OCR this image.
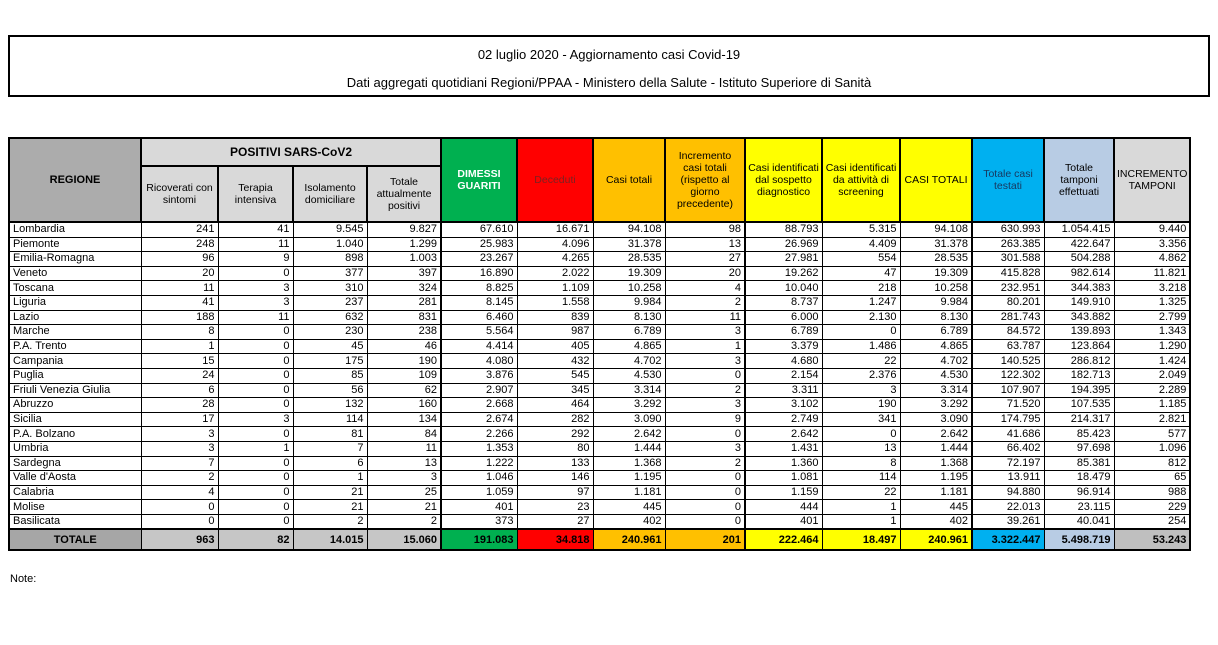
02 luglio 2020 - Aggiornamento casi Covid-19
Dati aggregati quotidiani Regioni/PPAA - Ministero della Salute - Istituto Superiore di Sanità
REGIONE	POSITIVI SARS-CoV2				DIMESSI GUARITI	Deceduti	Casi totali	Incremento casi totali (rispetto al giorno precedente)	Casi identificati dal sospetto diagnostico	Casi identificati da attività di screening	CASI TOTALI	Totale casi testati	Totale tamponi effettuati	INCREMENTO TAMPONI
	Ricoverati con sintomi	Terapia intensiva	Isolamento domiciliare	Totale attualmente positivi										
Lombardia	241	41	9.545	9.827	67.610	16.671	94.108	98	88.793	5.315	94.108	630.993	1.054.415	9.440
Piemonte	248	11	1.040	1.299	25.983	4.096	31.378	13	26.969	4.409	31.378	263.385	422.647	3.356
Emilia-Romagna	96	9	898	1.003	23.267	4.265	28.535	27	27.981	554	28.535	301.588	504.288	4.862
Veneto	20	0	377	397	16.890	2.022	19.309	20	19.262	47	19.309	415.828	982.614	11.821
Toscana	11	3	310	324	8.825	1.109	10.258	4	10.040	218	10.258	232.951	344.383	3.218
Liguria	41	3	237	281	8.145	1.558	9.984	2	8.737	1.247	9.984	80.201	149.910	1.325
Lazio	188	11	632	831	6.460	839	8.130	11	6.000	2.130	8.130	281.743	343.882	2.799
Marche	8	0	230	238	5.564	987	6.789	3	6.789	0	6.789	84.572	139.893	1.343
P.A. Trento	1	0	45	46	4.414	405	4.865	1	3.379	1.486	4.865	63.787	123.864	1.290
Campania	15	0	175	190	4.080	432	4.702	3	4.680	22	4.702	140.525	286.812	1.424
Puglia	24	0	85	109	3.876	545	4.530	0	2.154	2.376	4.530	122.302	182.713	2.049
Friuli Venezia Giulia	6	0	56	62	2.907	345	3.314	2	3.311	3	3.314	107.907	194.395	2.289
Abruzzo	28	0	132	160	2.668	464	3.292	3	3.102	190	3.292	71.520	107.535	1.185
Sicilia	17	3	114	134	2.674	282	3.090	9	2.749	341	3.090	174.795	214.317	2.821
P.A. Bolzano	3	0	81	84	2.266	292	2.642	0	2.642	0	2.642	41.686	85.423	577
Umbria	3	1	7	11	1.353	80	1.444	3	1.431	13	1.444	66.402	97.698	1.096
Sardegna	7	0	6	13	1.222	133	1.368	2	1.360	8	1.368	72.197	85.381	812
Valle d'Aosta	2	0	1	3	1.046	146	1.195	0	1.081	114	1.195	13.911	18.479	65
Calabria	4	0	21	25	1.059	97	1.181	0	1.159	22	1.181	94.880	96.914	988
Molise	0	0	21	21	401	23	445	0	444	1	445	22.013	23.115	229
Basilicata	0	0	2	2	373	27	402	0	401	1	402	39.261	40.041	254
TOTALE	963	82	14.015	15.060	191.083	34.818	240.961	201	222.464	18.497	240.961	3.322.447	5.498.719	53.243
Note:
